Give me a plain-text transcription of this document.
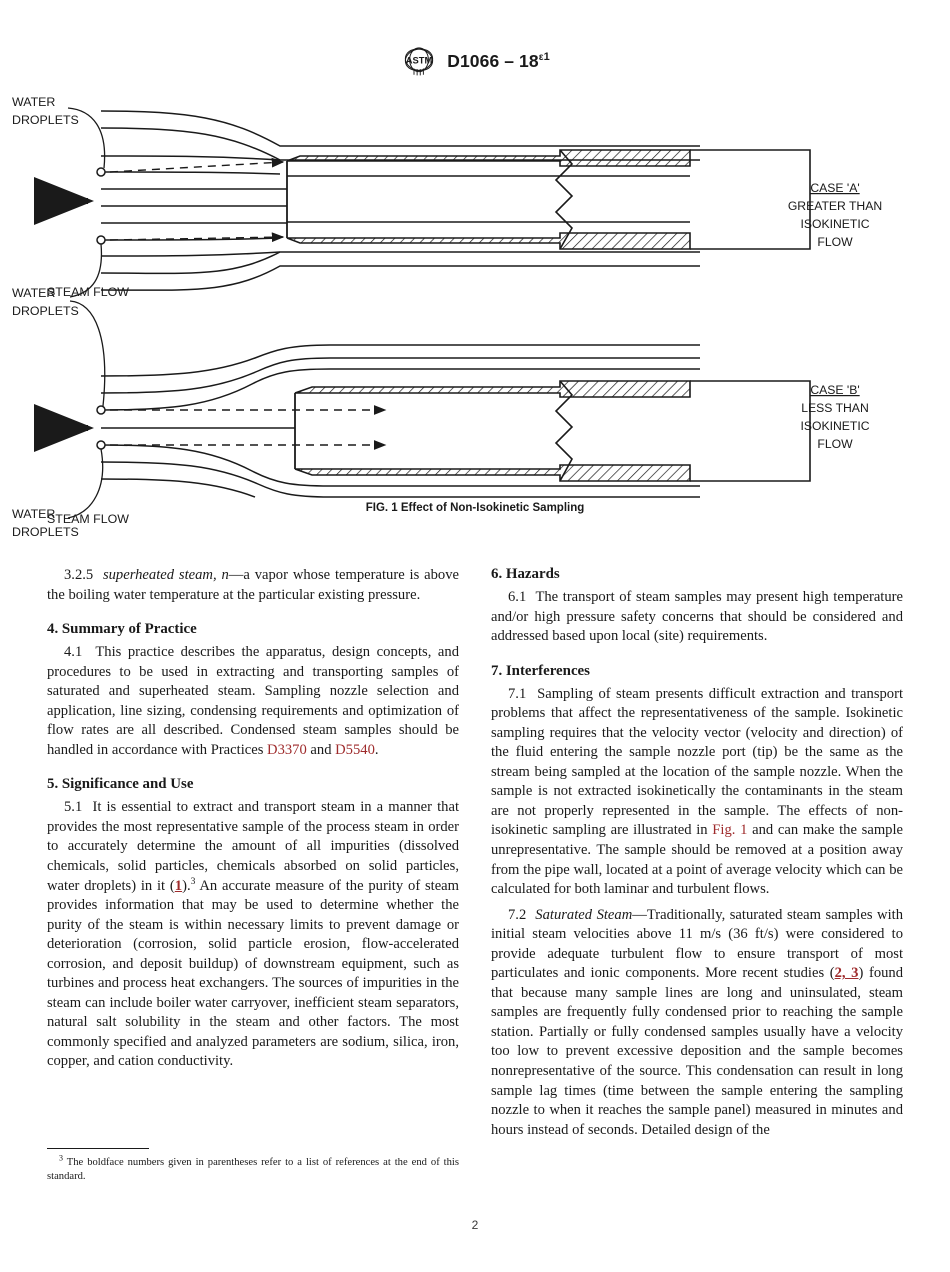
ASTM $D1066 - 18^{\varepsilon 1}$
WATER
DROPLETS
WATER
DROPLETS
WATER
DROPLETS
CASE 'A'
GREATER THAN
ISOKINETIC
FLOW
CASE 'B'
LESS THAN
ISOKINETIC
FLOW
FIG. 1 Effect of Non-Isokinetic Sampling
STEAM FLOW
STEAM FLOW

3.2.5 superheated steam, n—a vapor whose temperature is above the boiling water temperature at the particular existing pressure.

4. Summary of Practice

4.1 This practice describes the apparatus, design concepts, and procedures to be used in extracting and transporting samples of saturated and superheated steam. Sampling nozzle selection and application, line sizing, condensing requirements and optimization of flow rates are all described. Condensed steam samples should be handled in accordance with Practices D3370 and D5540.

5. Significance and Use

5.1 It is essential to extract and transport steam in a manner that provides the most representative sample of the process steam in order to accurately determine the amount of all impurities (dissolved chemicals, solid particles, chemicals absorbed on solid particles, water droplets) in it (1).$^3$ An accurate measure of the purity of steam provides information that may be used to determine whether the purity of the steam is within necessary limits to prevent damage or deterioration (corrosion, solid particle erosion, flow-accelerated corrosion, and deposit buildup) of downstream equipment, such as turbines and process heat exchangers. The sources of impurities in the steam can include boiler water carryover, inefficient steam separators, natural salt solubility in the steam and other factors. The most commonly specified and analyzed parameters are sodium, silica, iron, copper, and cation conductivity.

6. Hazards

6.1 The transport of steam samples may present high temperature and/or high pressure safety concerns that should be considered and addressed based upon local (site) requirements.

7. Interferences

7.1 Sampling of steam presents difficult extraction and transport problems that affect the representativeness of the sample. Isokinetic sampling requires that the velocity vector (velocity and direction) of the fluid entering the sample nozzle port (tip) be the same as the stream being sampled at the location of the sample nozzle. When the sample is not extracted isokinetically the contaminants in the steam are not properly represented in the sample. The effects of non-isokinetic sampling are illustrated in Fig. 1 and can make the sample unrepresentative. The sample should be removed at a position away from the pipe wall, located at a point of average velocity which can be calculated for both laminar and turbulent flows.

7.2 Saturated Steam—Traditionally, saturated steam samples with initial steam velocities above 11 m/s (36 ft/s) were considered to provide adequate turbulent flow to ensure transport of most particulates and ionic components. More recent studies (2, 3) found that because many sample lines are long and uninsulated, steam samples are frequently fully condensed prior to reaching the sample station. Partially or fully condensed samples usually have a velocity too low to prevent excessive deposition and the sample becomes nonrepresentative of the source. This condensation can result in long sample lag times (time between the sample entering the sampling nozzle to when it reaches the sample panel) measured in minutes and hours instead of seconds. Detailed design of the

$^3$ The boldface numbers given in parentheses refer to a list of references at the end of this standard.

2
